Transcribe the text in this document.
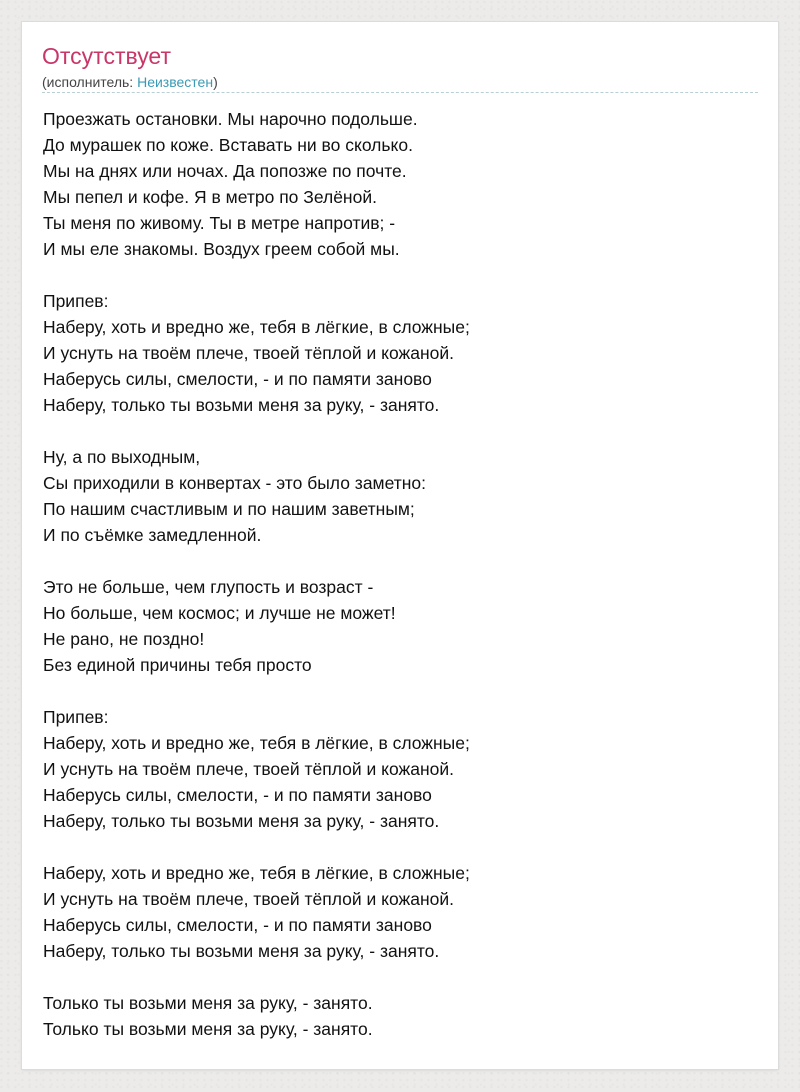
Отсутствует
(исполнитель: Неизвестен)
Проезжать остановки. Мы нарочно подольше.
До мурашек по коже. Вставать ни во сколько.
Мы на днях или ночах. Да попозже по почте.
Мы пепел и кофе. Я в метро по Зелёной.
Ты меня по живому. Ты в метре напротив; -
И мы еле знакомы. Воздух греем собой мы.
Припев:
Наберу, хоть и вредно же, тебя в лёгкие, в сложные;
И уснуть на твоём плече, твоей тёплой и кожаной.
Наберусь силы, смелости, - и по памяти заново
Наберу, только ты возьми меня за руку, - занято.
Ну, а по выходным,
Сы приходили в конвертах - это было заметно:
По нашим счастливым и по нашим заветным;
И по съёмке замедленной.
Это не больше, чем глупость и возраст -
Но больше, чем космос; и лучше не может!
Не рано, не поздно!
Без единой причины тебя просто
Припев:
Наберу, хоть и вредно же, тебя в лёгкие, в сложные;
И уснуть на твоём плече, твоей тёплой и кожаной.
Наберусь силы, смелости, - и по памяти заново
Наберу, только ты возьми меня за руку, - занято.
Наберу, хоть и вредно же, тебя в лёгкие, в сложные;
И уснуть на твоём плече, твоей тёплой и кожаной.
Наберусь силы, смелости, - и по памяти заново
Наберу, только ты возьми меня за руку, - занято.
Только ты возьми меня за руку, - занято.
Только ты возьми меня за руку, - занято.
